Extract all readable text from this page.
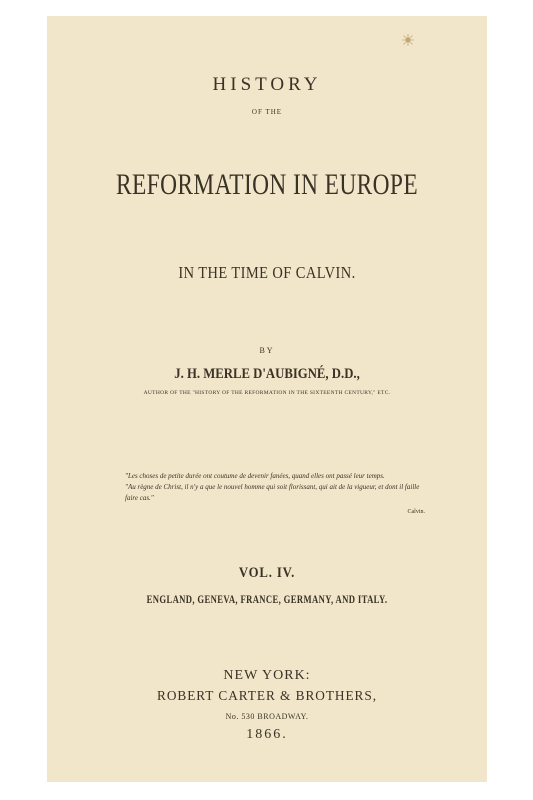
HISTORY
OF THE
REFORMATION IN EUROPE
IN THE TIME OF CALVIN.
BY
J. H. MERLE D'AUBIGNÉ, D.D.,
AUTHOR OF THE "HISTORY OF THE REFORMATION IN THE SIXTEENTH CENTURY," ETC.

"Les choses de petite durée ont coutume de devenir fanées, quand elles ont passé leur temps.

"Au règne de Christ, il n'y a que le nouvel homme qui soit florissant, qui ait de la vigueur, et dont il faille faire cas."

Calvin.

VOL. IV.
ENGLAND, GENEVA, FRANCE, GERMANY, AND ITALY.
NEW YORK:
ROBERT CARTER & BROTHERS,
No. 530 BROADWAY.
1866.
